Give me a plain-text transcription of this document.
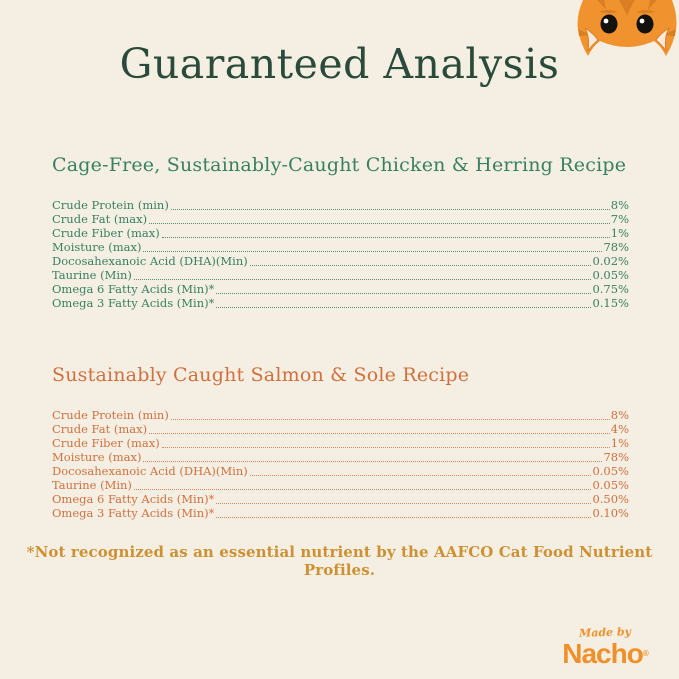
Guaranteed Analysis
Cage-Free, Sustainably-Caught Chicken & Herring Recipe
Crude Protein (min)	8%
Crude Fat (max)	7%
Crude Fiber (max)	1%
Moisture (max)	78%
Docosahexanoic Acid (DHA)(Min)	0.02%
Taurine (Min)	0.05%
Omega 6 Fatty Acids (Min)*	0.75%
Omega 3 Fatty Acids (Min)*	0.15%
Sustainably Caught Salmon & Sole Recipe
Crude Protein (min)	8%
Crude Fat (max)	4%
Crude Fiber (max)	1%
Moisture (max)	78%
Docosahexanoic Acid (DHA)(Min)	0.05%
Taurine (Min)	0.05%
Omega 6 Fatty Acids (Min)*	0.50%
Omega 3 Fatty Acids (Min)*	0.10%
*Not recognized as an essential nutrient by the AAFCO Cat Food Nutrient Profiles.
Made by
Nacho®
